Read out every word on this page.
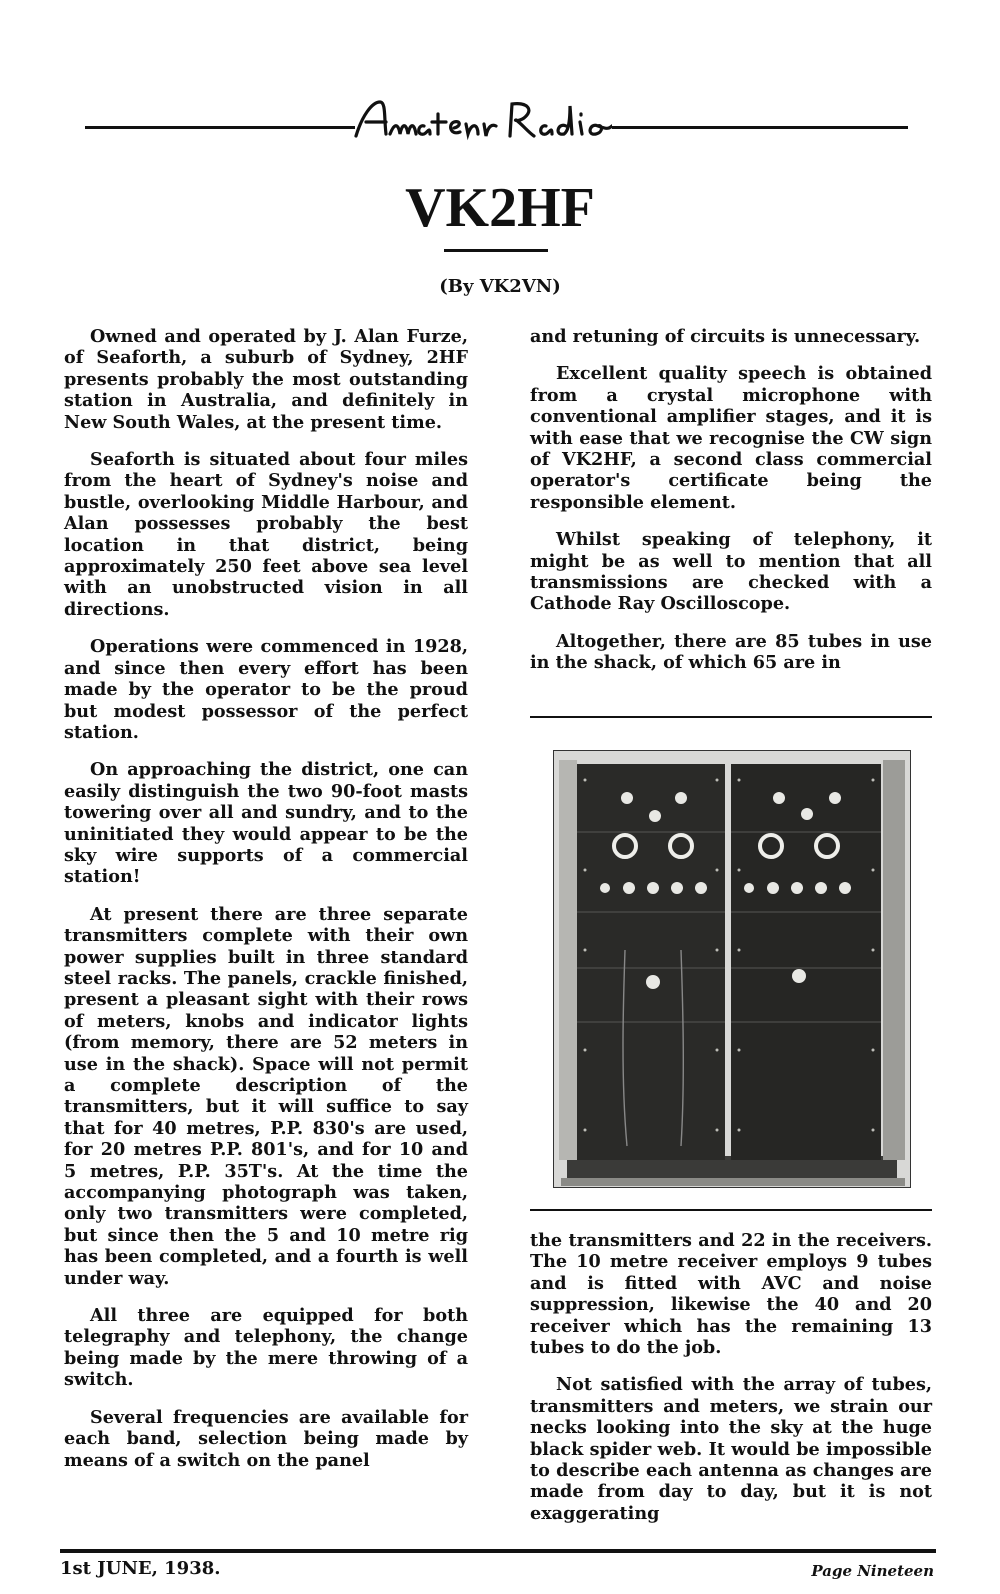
VK2HF
(By VK2VN)

Owned and operated by J. Alan Furze, of Seaforth, a suburb of Sydney, 2HF presents probably the most outstanding station in Australia, and definitely in New South Wales, at the present time.

Seaforth is situated about four miles from the heart of Sydney's noise and bustle, overlooking Middle Harbour, and Alan possesses probably the best location in that district, being approximately 250 feet above sea level with an unobstructed vision in all directions.

Operations were commenced in 1928, and since then every effort has been made by the operator to be the proud but modest possessor of the perfect station.

On approaching the district, one can easily distinguish the two 90-foot masts towering over all and sundry, and to the uninitiated they would appear to be the sky wire supports of a commercial station!

At present there are three separate transmitters complete with their own power supplies built in three standard steel racks. The panels, crackle finished, present a pleasant sight with their rows of meters, knobs and indicator lights (from memory, there are 52 meters in use in the shack). Space will not permit a complete description of the transmitters, but it will suffice to say that for 40 metres, P.P. 830's are used, for 20 metres P.P. 801's, and for 10 and 5 metres, P.P. 35T's. At the time the accompanying photograph was taken, only two transmitters were completed, but since then the 5 and 10 metre rig has been completed, and a fourth is well under way.

All three are equipped for both telegraphy and telephony, the change being made by the mere throwing of a switch.

Several frequencies are available for each band, selection being made by means of a switch on the panel

and retuning of circuits is unnecessary.

Excellent quality speech is obtained from a crystal microphone with conventional amplifier stages, and it is with ease that we recognise the CW sign of VK2HF, a second class commercial operator's certificate being the responsible element.

Whilst speaking of telephony, it might be as well to mention that all transmissions are checked with a Cathode Ray Oscilloscope.

Altogether, there are 85 tubes in use in the shack, of which 65 are in

the transmitters and 22 in the receivers. The 10 metre receiver employs 9 tubes and is fitted with AVC and noise suppression, likewise the 40 and 20 receiver which has the remaining 13 tubes to do the job.

Not satisfied with the array of tubes, transmitters and meters, we strain our necks looking into the sky at the huge black spider web. It would be impossible to describe each antenna as changes are made from day to day, but it is not exaggerating

1st JUNE, 1938.	Page Nineteen
